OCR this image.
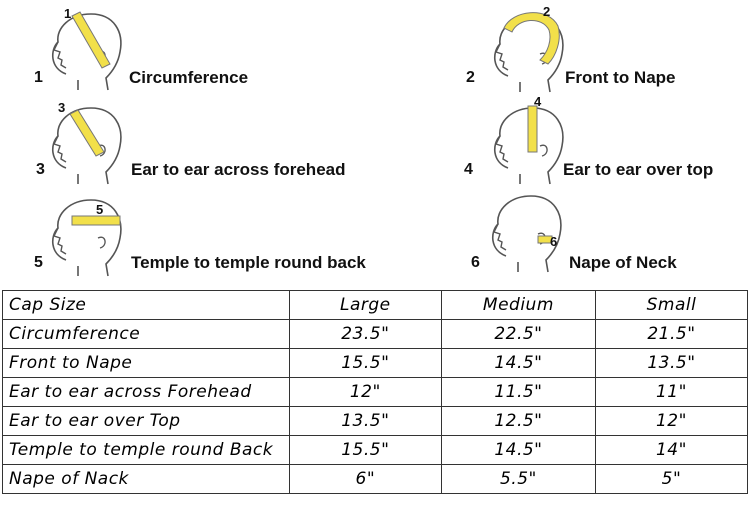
1
1	Circumference
2
2	Front to Nape
3
3	Ear to ear across forehead
4
4	Ear to ear over top
5
5	Temple to temple round back
6
6	Nape of Neck
Cap Size	Large	Medium	Small
Circumference	23.5"	22.5"	21.5"
Front to Nape	15.5"	14.5"	13.5"
Ear to ear across Forehead	12"	11.5"	11"
Ear to ear over Top	13.5"	12.5"	12"
Temple to temple round Back	15.5"	14.5"	14"
Nape of Nack	6"	5.5"	5"
